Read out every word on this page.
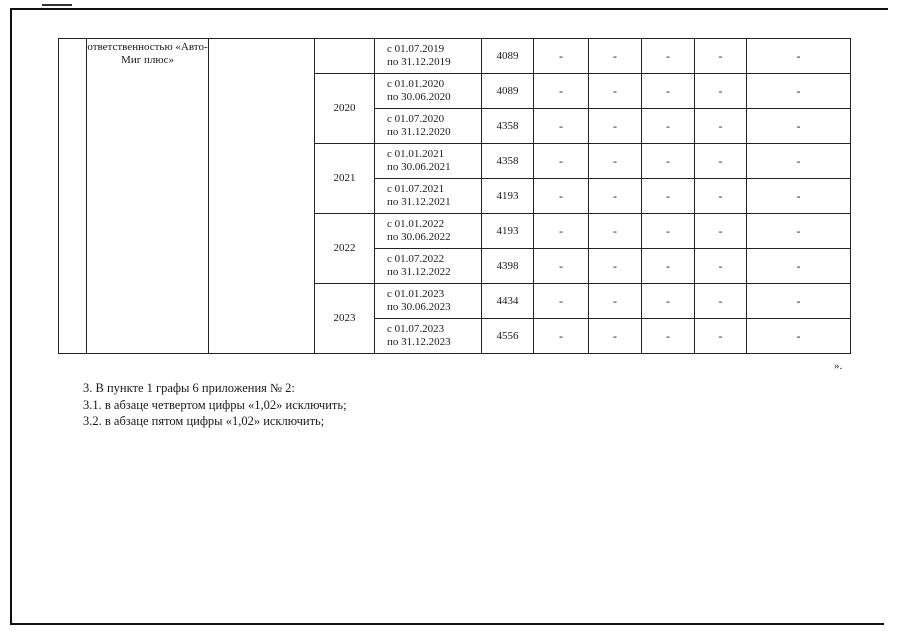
	ответственностью «Авто-Миг плюс»			с 01.07.2019
по 31.12.2019	4089	-	-	-	-	-
			2020	с 01.01.2020
по 30.06.2020	4089	-	-	-	-	-

				с 01.07.2020
по 31.12.2020	4358	-	-	-	-	-
			2021	с 01.01.2021
по 30.06.2021	4358	-	-	-	-	-

				с 01.07.2021
по 31.12.2021	4193	-	-	-	-	-
			2022	с 01.01.2022
по 30.06.2022	4193	-	-	-	-	-

				с 01.07.2022
по 31.12.2022	4398	-	-	-	-	-
			2023	с 01.01.2023
по 30.06.2023	4434	-	-	-	-	-

				с 01.07.2023
по 31.12.2023	4556	-	-	-	-	-
».
3. В пункте 1 графы 6 приложения № 2:
3.1. в абзаце четвертом цифры «1,02» исключить;
3.2. в абзаце пятом цифры «1,02» исключить;
